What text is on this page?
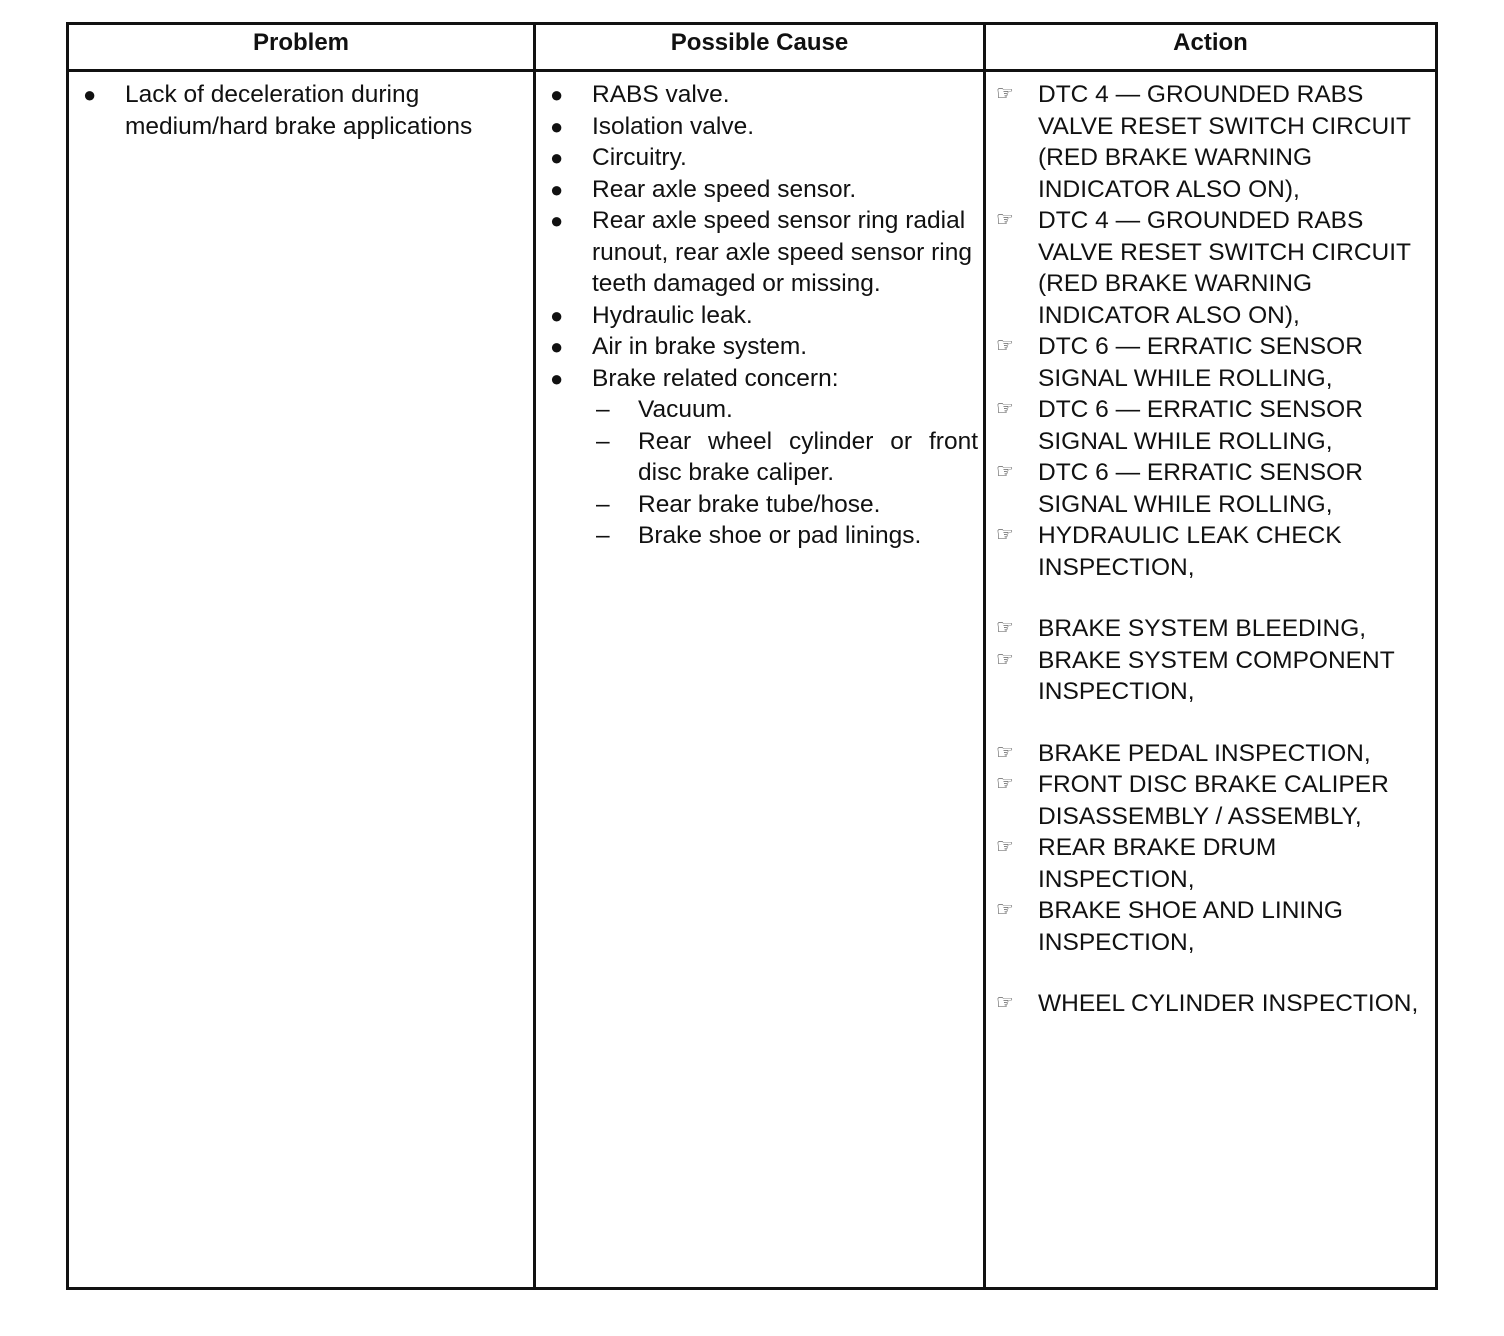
Problem	Possible Cause	Action
● Lack of deceleration during medium/hard brake applications
● RABS valve.
● Isolation valve.
● Circuitry.
● Rear axle speed sensor.
● Rear axle speed sensor ring radial runout, rear axle speed sensor ring teeth damaged or missing.
● Hydraulic leak.
● Air in brake system.
● Brake related concern:
– Vacuum.
– Rear wheel cylinder or front disc brake caliper.
– Rear brake tube/hose.
– Brake shoe or pad linings.
☞ DTC 4 — GROUNDED RABS VALVE RESET SWITCH CIRCUIT (RED BRAKE WARNING INDICATOR ALSO ON),
☞ DTC 4 — GROUNDED RABS VALVE RESET SWITCH CIRCUIT (RED BRAKE WARNING INDICATOR ALSO ON),
☞ DTC 6 — ERRATIC SENSOR SIGNAL WHILE ROLLING,
☞ DTC 6 — ERRATIC SENSOR SIGNAL WHILE ROLLING,
☞ DTC 6 — ERRATIC SENSOR SIGNAL WHILE ROLLING,
☞ HYDRAULIC LEAK CHECK INSPECTION,
☞ BRAKE SYSTEM BLEEDING,
☞ BRAKE SYSTEM COMPONENT INSPECTION,
☞ BRAKE PEDAL INSPECTION,
☞ FRONT DISC BRAKE CALIPER DISASSEMBLY / ASSEMBLY,
☞ REAR BRAKE DRUM INSPECTION,
☞ BRAKE SHOE AND LINING INSPECTION,
☞ WHEEL CYLINDER INSPECTION,
